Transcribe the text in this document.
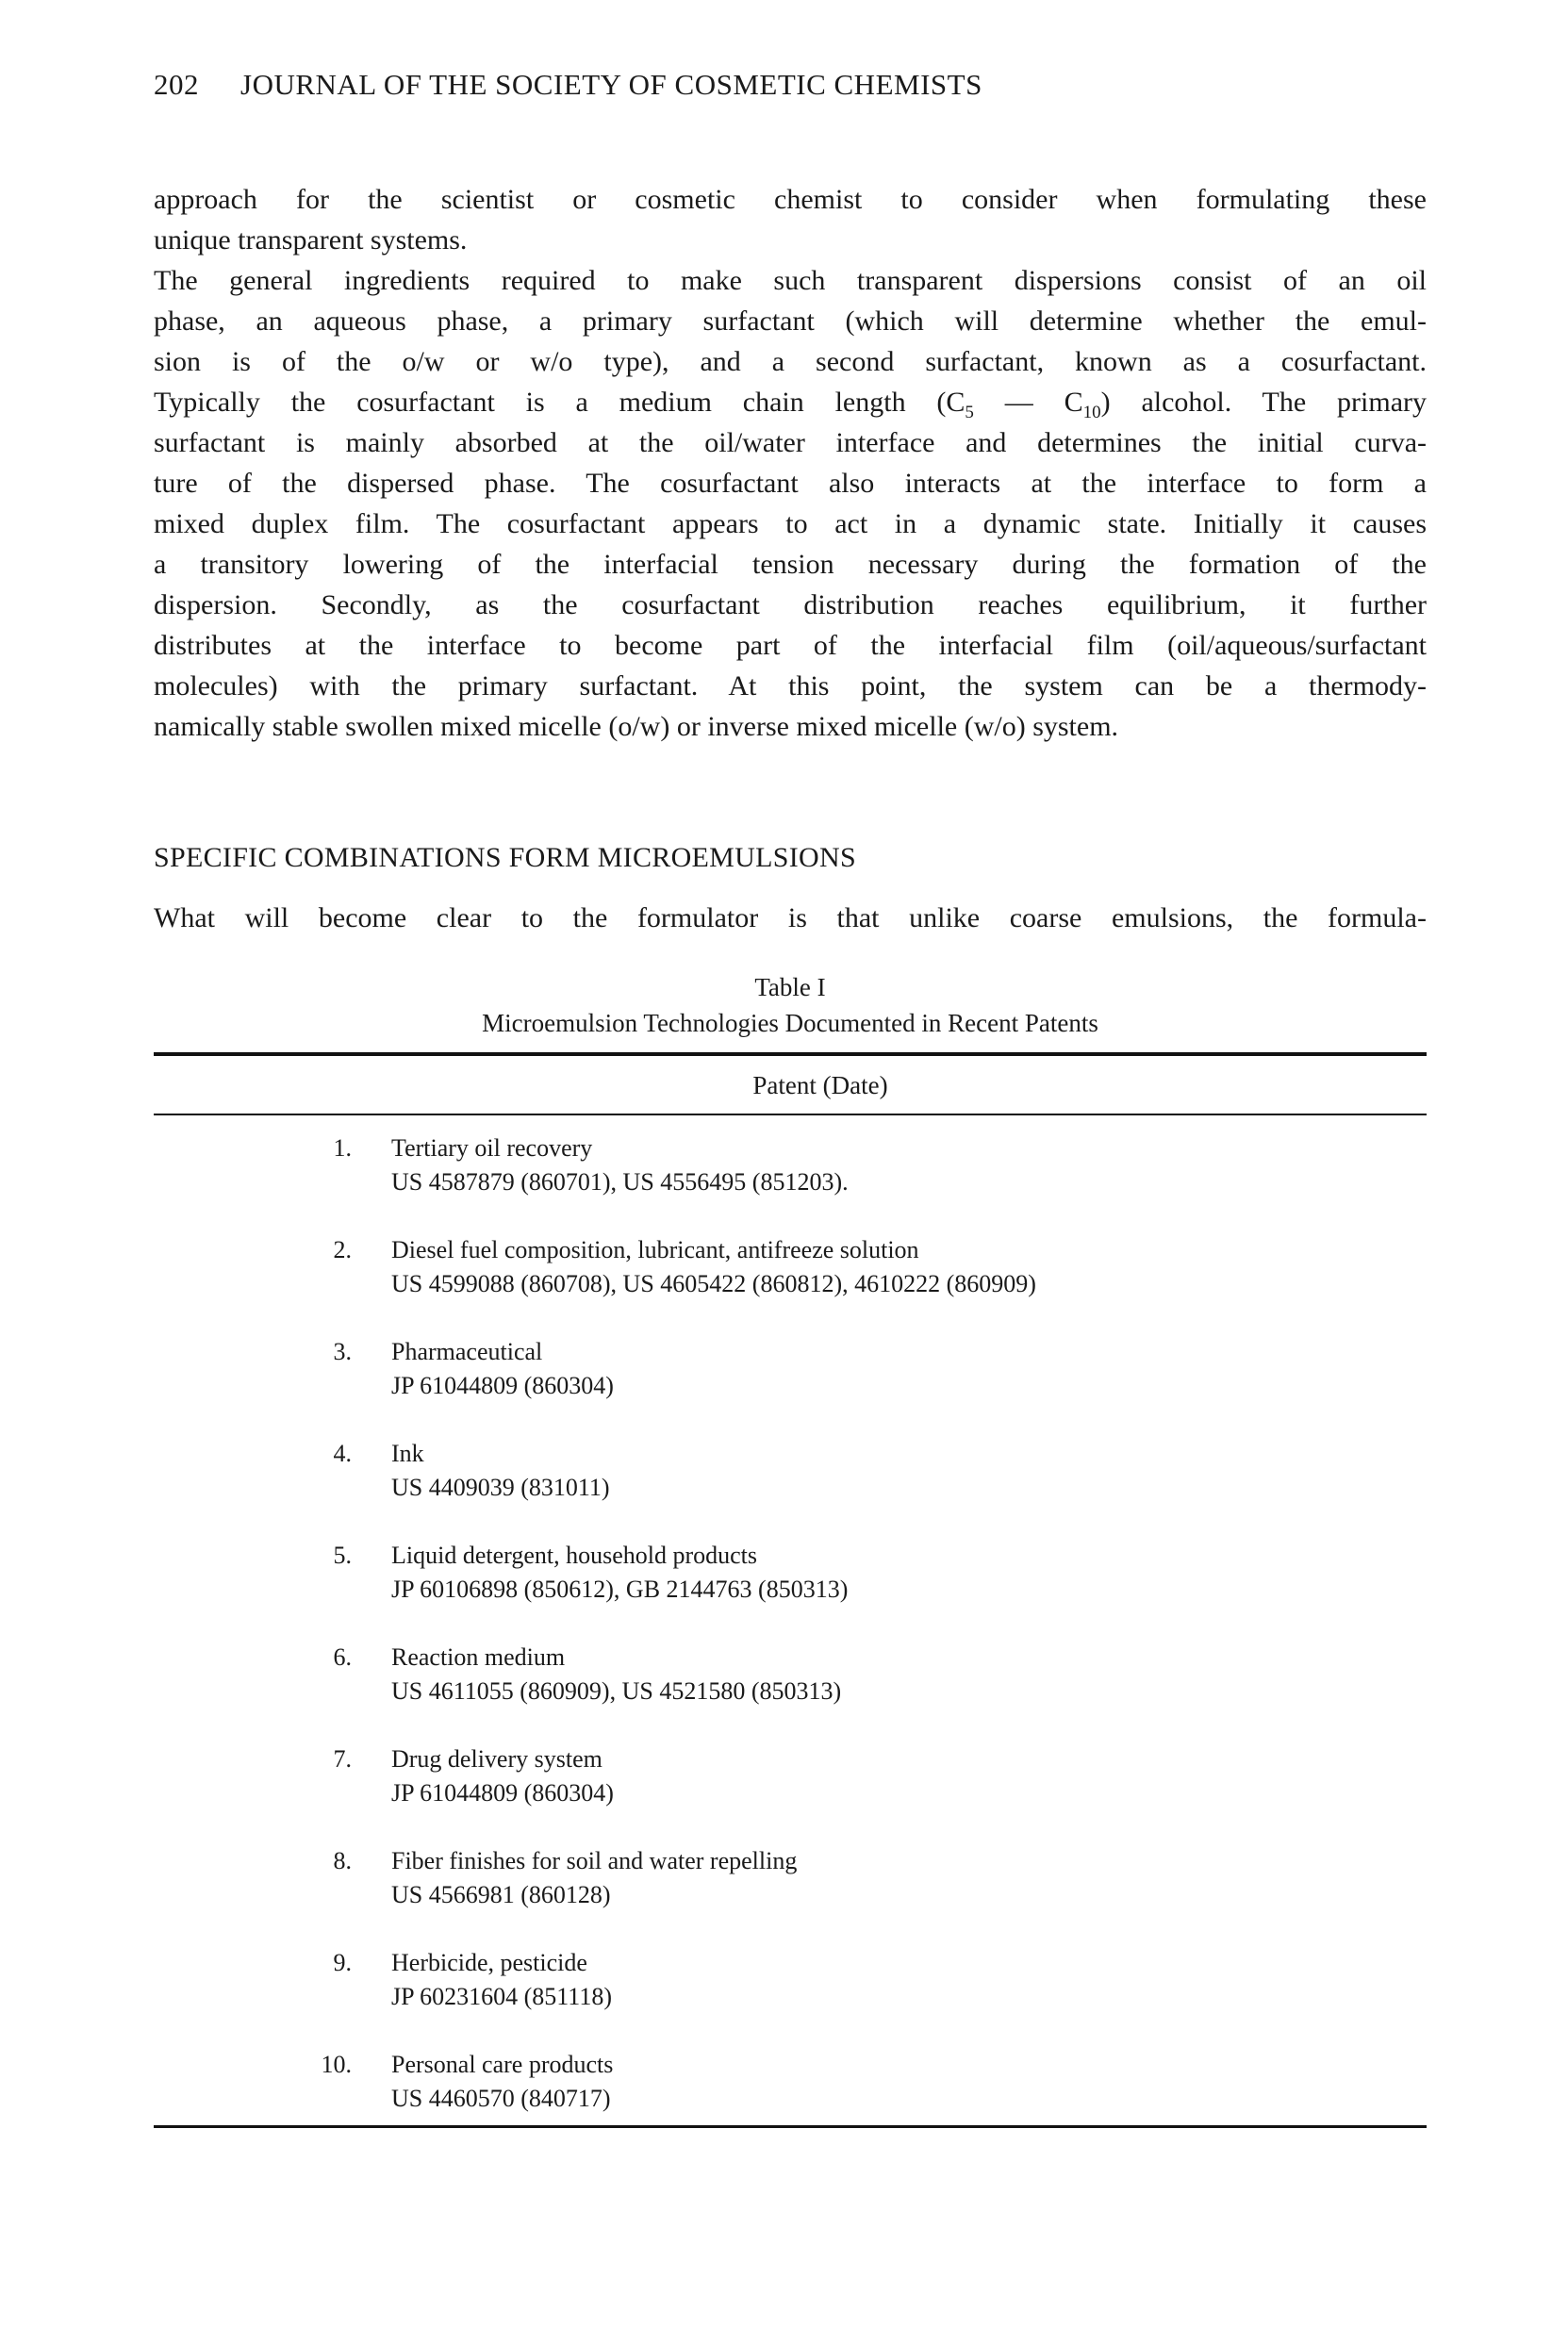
202 JOURNAL OF THE SOCIETY OF COSMETIC CHEMISTS
approach for the scientist or cosmetic chemist to consider when formulating these
unique transparent systems.
The general ingredients required to make such transparent dispersions consist of an oil
phase, an aqueous phase, a primary surfactant (which will determine whether the emul-
sion is of the o/w or w/o type), and a second surfactant, known as a cosurfactant.
Typically the cosurfactant is a medium chain length ($C_5$ — $C_{10}$) alcohol. The primary
surfactant is mainly absorbed at the oil/water interface and determines the initial curva-
ture of the dispersed phase. The cosurfactant also interacts at the interface to form a
mixed duplex film. The cosurfactant appears to act in a dynamic state. Initially it causes
a transitory lowering of the interfacial tension necessary during the formation of the
dispersion. Secondly, as the cosurfactant distribution reaches equilibrium, it further
distributes at the interface to become part of the interfacial film (oil/aqueous/surfactant
molecules) with the primary surfactant. At this point, the system can be a thermody-
namically stable swollen mixed micelle (o/w) or inverse mixed micelle (w/o) system.
SPECIFIC COMBINATIONS FORM MICROEMULSIONS
What will become clear to the formulator is that unlike coarse emulsions, the formula-
Table I
Microemulsion Technologies Documented in Recent Patents
Patent (Date)
1. Tertiary oil recovery
US 4587879 (860701), US 4556495 (851203).
2. Diesel fuel composition, lubricant, antifreeze solution
US 4599088 (860708), US 4605422 (860812), 4610222 (860909)
3. Pharmaceutical
JP 61044809 (860304)
4. Ink
US 4409039 (831011)
5. Liquid detergent, household products
JP 60106898 (850612), GB 2144763 (850313)
6. Reaction medium
US 4611055 (860909), US 4521580 (850313)
7. Drug delivery system
JP 61044809 (860304)
8. Fiber finishes for soil and water repelling
US 4566981 (860128)
9. Herbicide, pesticide
JP 60231604 (851118)
10. Personal care products
US 4460570 (840717)
